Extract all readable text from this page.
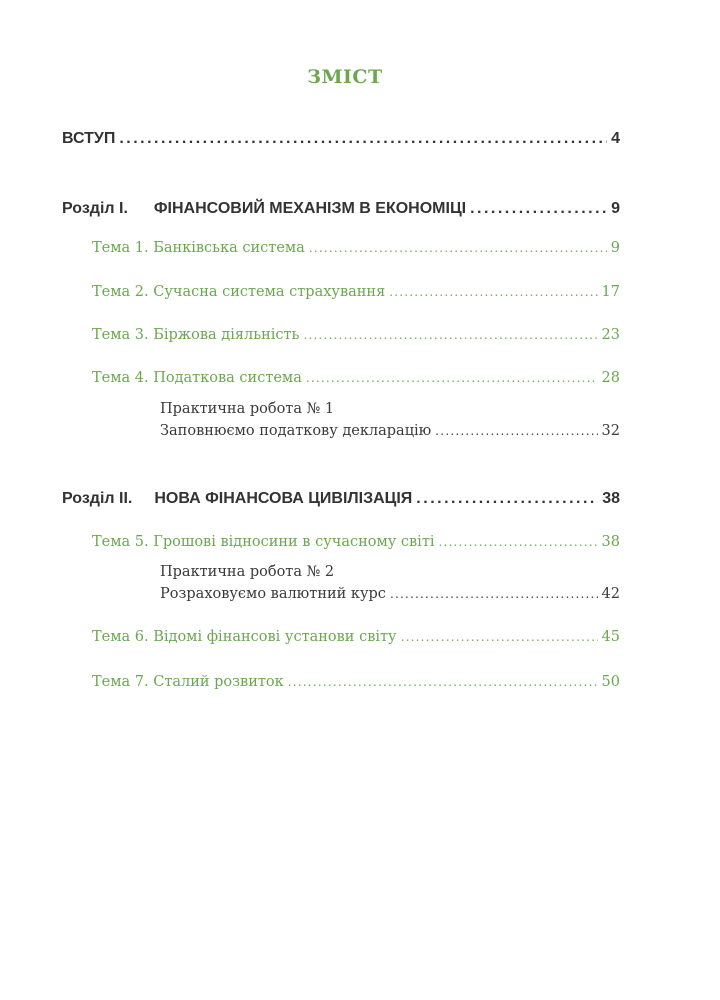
ЗМІСТ
ВСТУП .....	4
Розділ І. ФІНАНСОВИЙ МЕХАНІЗМ В ЕКОНОМІЦІ .....	9
Тема 1. Банківська система .....	9
Тема 2. Сучасна система страхування .....	17
Тема 3. Біржова діяльність .....	23
Тема 4. Податкова система .....	28
Практична робота № 1
Заповнюємо податкову декларацію .....	32
Розділ ІІ. НОВА ФІНАНСОВА ЦИВІЛІЗАЦІЯ .....	38
Тема 5. Грошові відносини в сучасному світі .....	38
Практична робота № 2
Розраховуємо валютний курс .....	42
Тема 6. Відомі фінансові установи світу .....	45
Тема 7. Сталий розвиток .....	50
